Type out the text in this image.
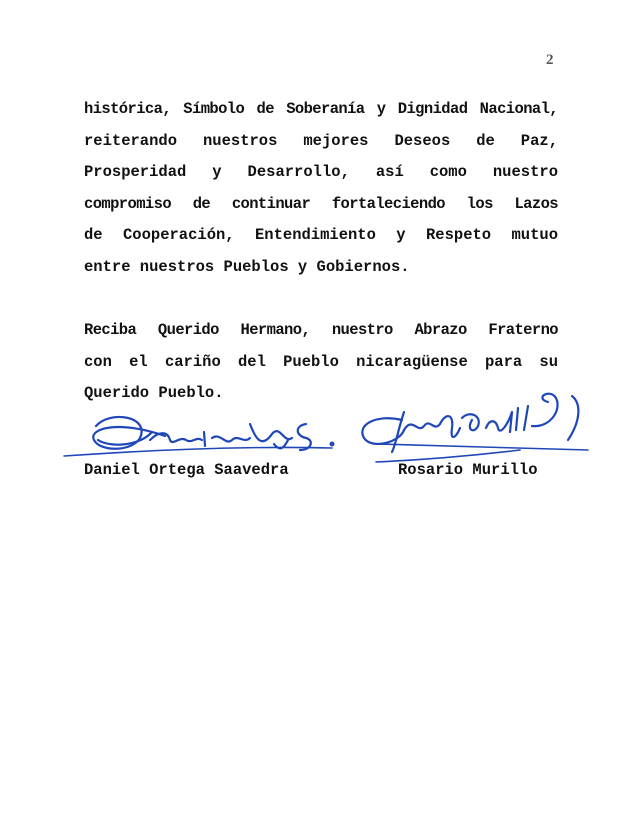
2
histórica, Símbolo de Soberanía y Dignidad Nacional,
reiterando nuestros mejores Deseos de Paz,
Prosperidad y Desarrollo, así como nuestro
compromiso de continuar fortaleciendo los Lazos
de Cooperación, Entendimiento y Respeto mutuo
entre nuestros Pueblos y Gobiernos.
Reciba Querido Hermano, nuestro Abrazo Fraterno
con el cariño del Pueblo nicaragüense para su
Querido Pueblo.
Daniel Ortega Saavedra	Rosario Murillo
